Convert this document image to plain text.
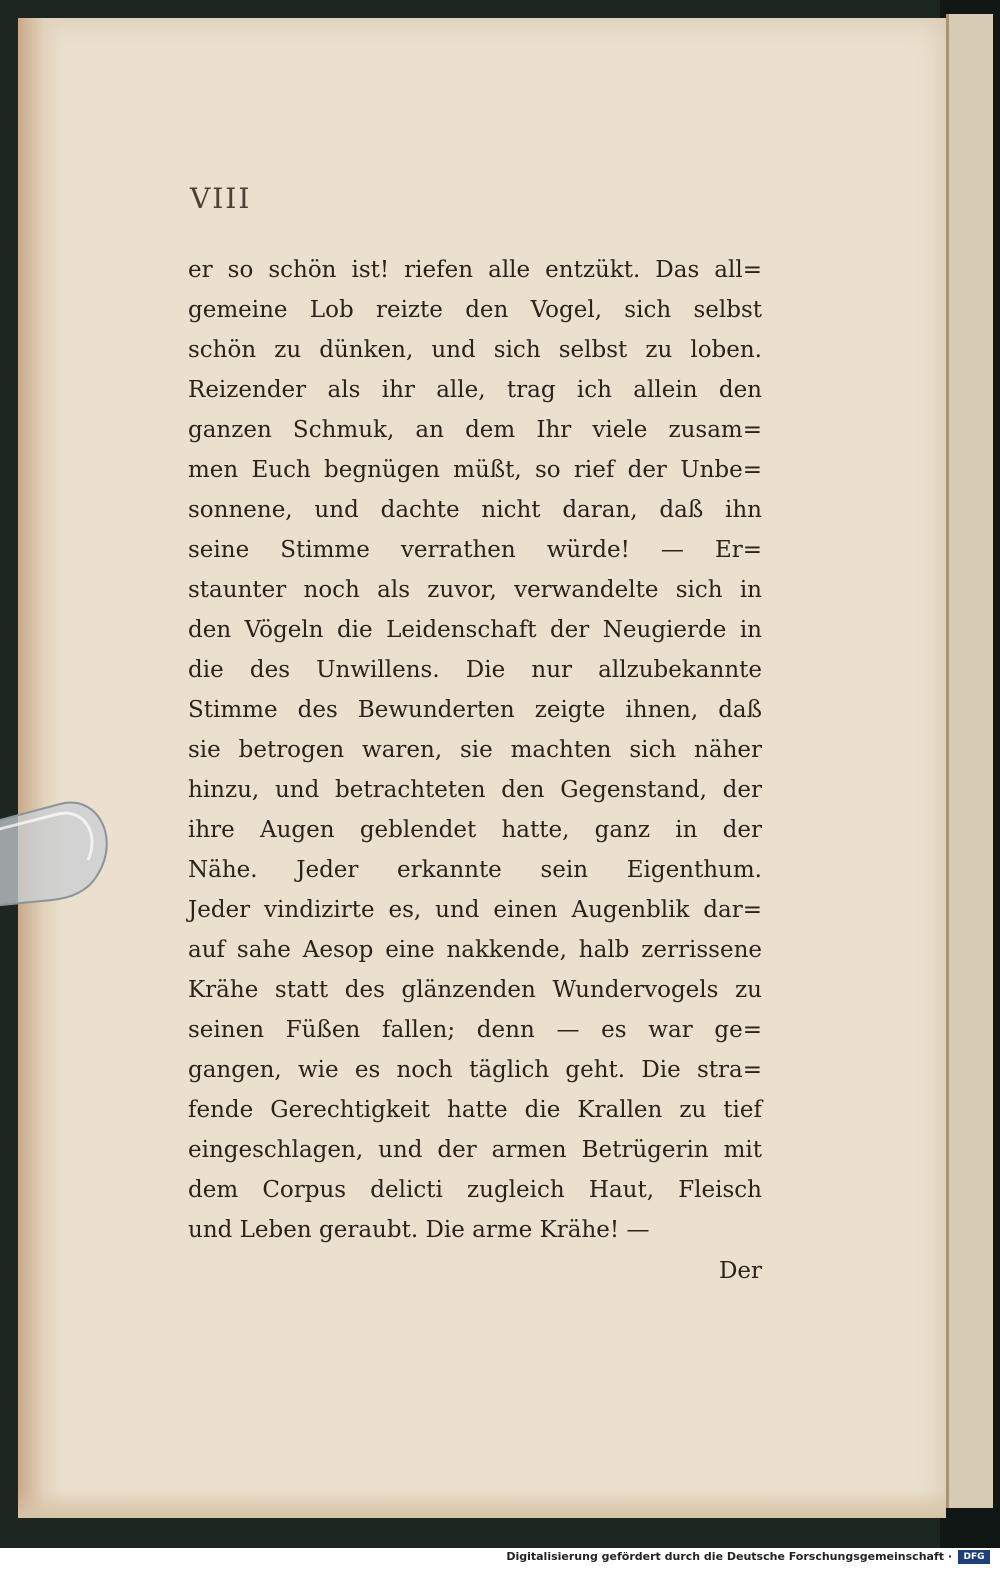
VIII
er so schön ist! riefen alle entzükt. Das all=
gemeine Lob reizte den Vogel, sich selbst
schön zu dünken, und sich selbst zu loben.
Reizender als ihr alle, trag ich allein den
ganzen Schmuk, an dem Ihr viele zusam=
men Euch begnügen müßt, so rief der Unbe=
sonnene, und dachte nicht daran, daß ihn
seine Stimme verrathen würde! — Er=
staunter noch als zuvor, verwandelte sich in
den Vögeln die Leidenschaft der Neugierde in
die des Unwillens. Die nur allzubekannte
Stimme des Bewunderten zeigte ihnen, daß
sie betrogen waren, sie machten sich näher
hinzu, und betrachteten den Gegenstand, der
ihre Augen geblendet hatte, ganz in der
Nähe. Jeder erkannte sein Eigenthum.
Jeder vindizirte es, und einen Augenblik dar=
auf sahe Aesop eine nakkende, halb zerrissene
Krähe statt des glänzenden Wundervogels zu
seinen Füßen fallen; denn — es war ge=
gangen, wie es noch täglich geht. Die stra=
fende Gerechtigkeit hatte die Krallen zu tief
eingeschlagen, und der armen Betrügerin mit
dem Corpus delicti zugleich Haut, Fleisch
und Leben geraubt. Die arme Krähe! —
Der
Digitalisierung gefördert durch die Deutsche Forschungsgemeinschaft ·	DFG
